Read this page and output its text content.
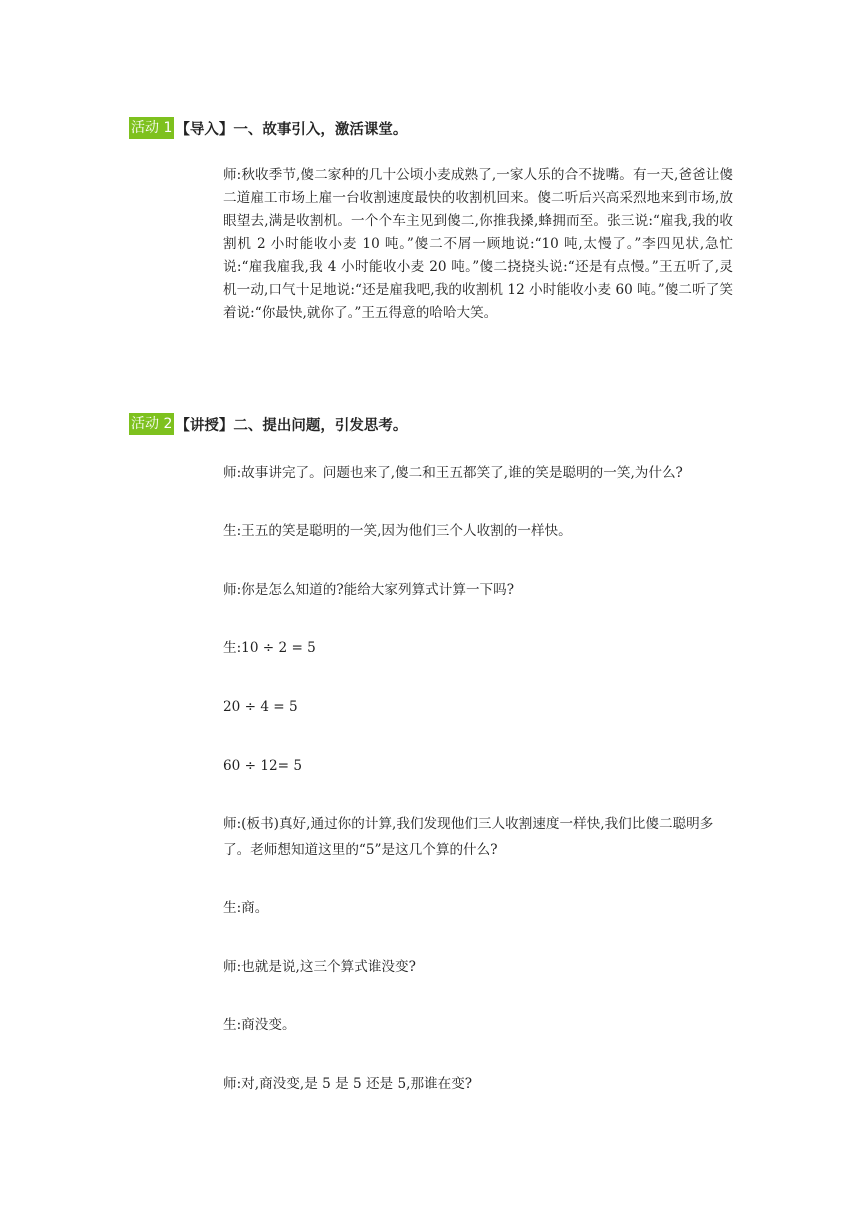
活动 1 【导入】一、故事引入，激活课堂。

师:秋收季节,傻二家种的几十公顷小麦成熟了,一家人乐的合不拢嘴。有一天,爸爸让傻二道雇工市场上雇一台收割速度最快的收割机回来。傻二听后兴高采烈地来到市场,放眼望去,满是收割机。一个个车主见到傻二,你推我搡,蜂拥而至。张三说:“雇我,我的收割机 2 小时能收小麦 10 吨。”傻二不屑一顾地说:“10 吨,太慢了。”李四见状,急忙说:“雇我雇我,我 4 小时能收小麦 20 吨。”傻二挠挠头说:“还是有点慢。”王五听了,灵机一动,口气十足地说:“还是雇我吧,我的收割机 12 小时能收小麦 60 吨。”傻二听了笑着说:“你最快,就你了。”王五得意的哈哈大笑。

活动 2 【讲授】二、提出问题，引发思考。

师:故事讲完了。问题也来了,傻二和王五都笑了,谁的笑是聪明的一笑,为什么?

生:王五的笑是聪明的一笑,因为他们三个人收割的一样快。

师:你是怎么知道的?能给大家列算式计算一下吗?

生:10 ÷ 2 = 5

20 ÷ 4 = 5

60 ÷ 12= 5

师:(板书)真好,通过你的计算,我们发现他们三人收割速度一样快,我们比傻二聪明多了。老师想知道这里的“5”是这几个算的什么?

生:商。

师:也就是说,这三个算式谁没变?

生:商没变。

师:对,商没变,是 5 是 5 还是 5,那谁在变?
